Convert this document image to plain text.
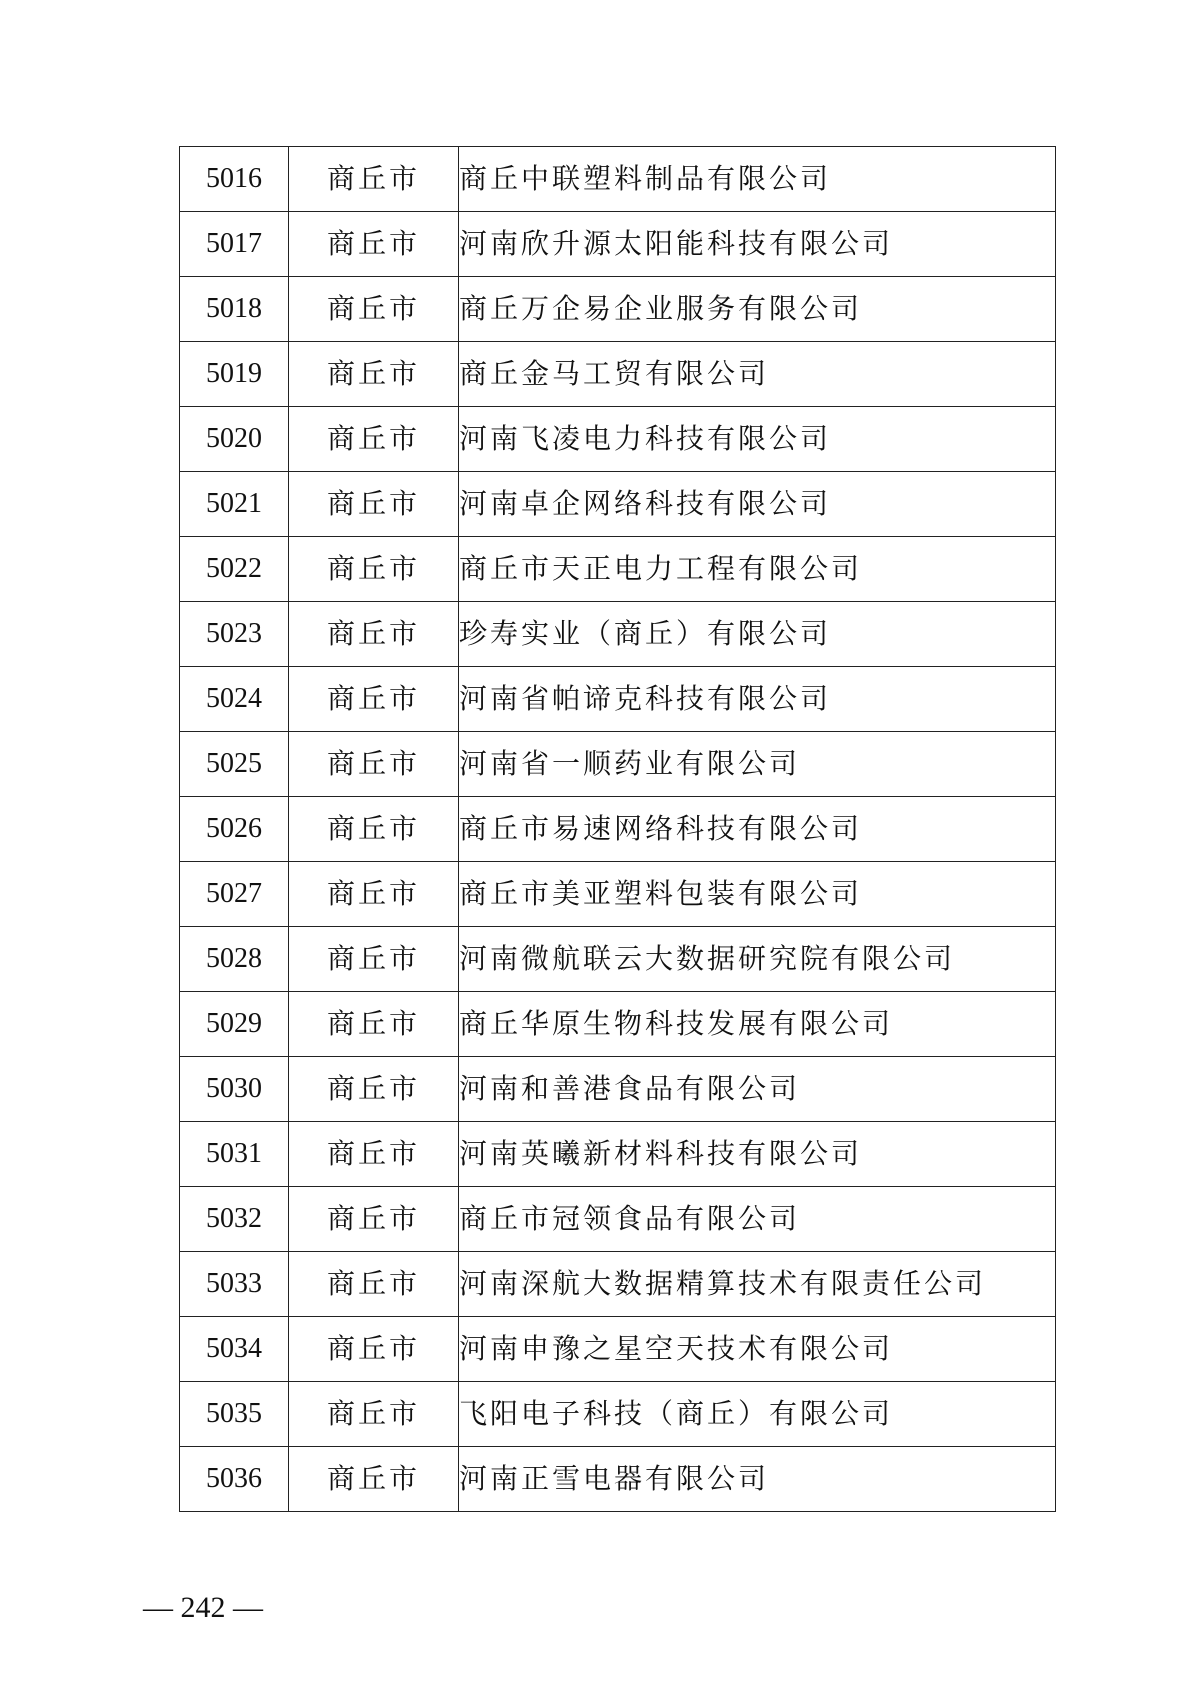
5016	商丘市	商丘中联塑料制品有限公司
5017	商丘市	河南欣升源太阳能科技有限公司
5018	商丘市	商丘万企易企业服务有限公司
5019	商丘市	商丘金马工贸有限公司
5020	商丘市	河南飞凌电力科技有限公司
5021	商丘市	河南卓企网络科技有限公司
5022	商丘市	商丘市天正电力工程有限公司
5023	商丘市	珍寿实业（商丘）有限公司
5024	商丘市	河南省帕谛克科技有限公司
5025	商丘市	河南省一顺药业有限公司
5026	商丘市	商丘市易速网络科技有限公司
5027	商丘市	商丘市美亚塑料包装有限公司
5028	商丘市	河南微航联云大数据研究院有限公司
5029	商丘市	商丘华原生物科技发展有限公司
5030	商丘市	河南和善港食品有限公司
5031	商丘市	河南英曦新材料科技有限公司
5032	商丘市	商丘市冠领食品有限公司
5033	商丘市	河南深航大数据精算技术有限责任公司
5034	商丘市	河南申豫之星空天技术有限公司
5035	商丘市	飞阳电子科技（商丘）有限公司
5036	商丘市	河南正雪电器有限公司
— 242 —
